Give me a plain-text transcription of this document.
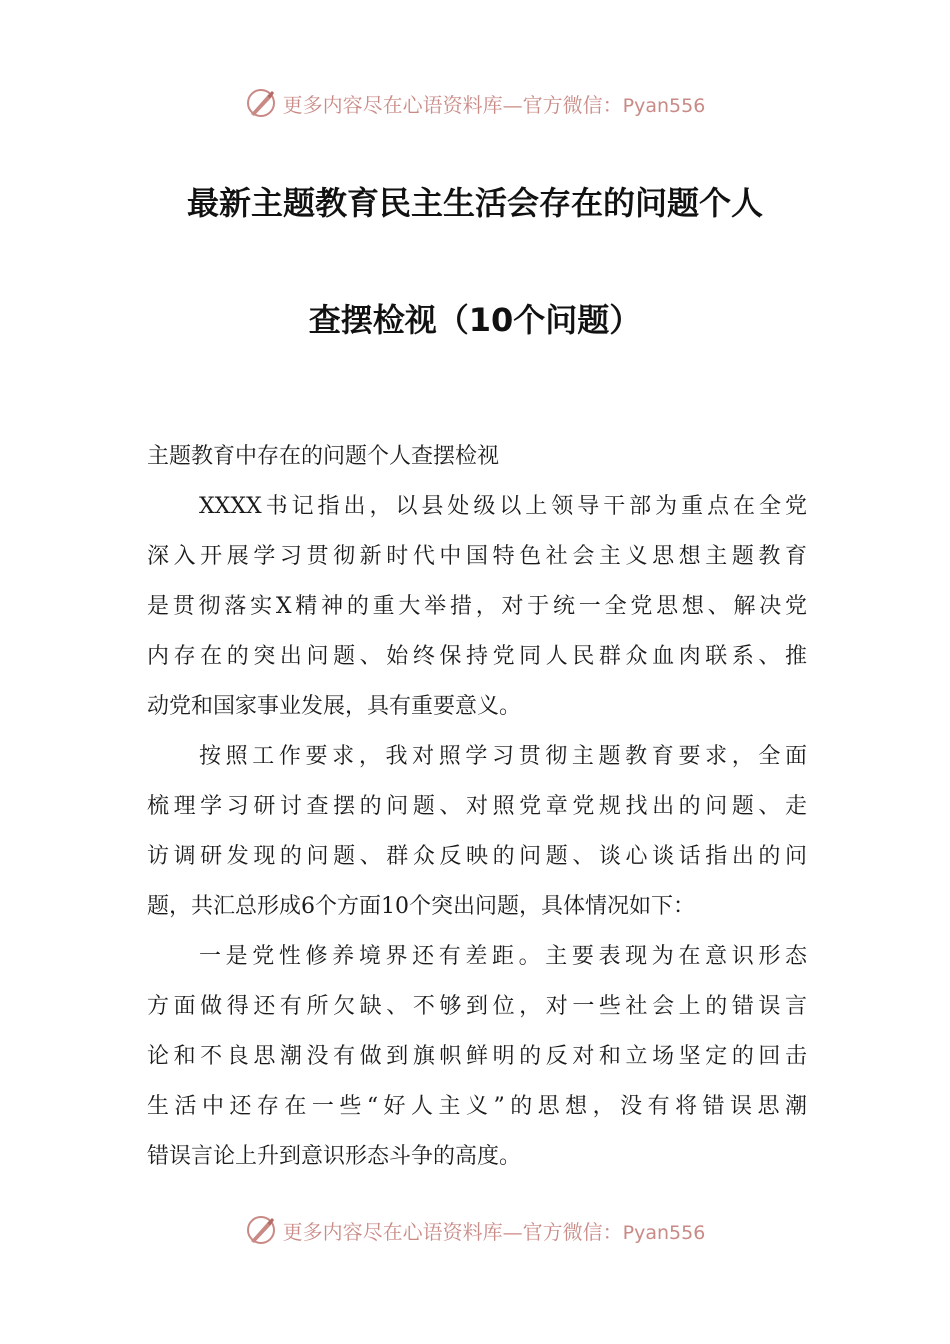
更多内容尽在心语资料库—官方微信：Pyan556
最新主题教育民主生活会存在的问题个人
查摆检视（10个问题）
主题教育中存在的问题个人查摆检视
XXXX书记指出，以县处级以上领导干部为重点在全党
深入开展学习贯彻新时代中国特色社会主义思想主题教育
是贯彻落实X精神的重大举措，对于统一全党思想、解决党
内存在的突出问题、始终保持党同人民群众血肉联系、推
动党和国家事业发展，具有重要意义。
按照工作要求，我对照学习贯彻主题教育要求，全面
梳理学习研讨查摆的问题、对照党章党规找出的问题、走
访调研发现的问题、群众反映的问题、谈心谈话指出的问
题，共汇总形成6个方面10个突出问题，具体情况如下：
一是党性修养境界还有差距。主要表现为在意识形态
方面做得还有所欠缺、不够到位，对一些社会上的错误言
论和不良思潮没有做到旗帜鲜明的反对和立场坚定的回击
生活中还存在一些“好人主义”的思想，没有将错误思潮
错误言论上升到意识形态斗争的高度。
更多内容尽在心语资料库—官方微信：Pyan556
